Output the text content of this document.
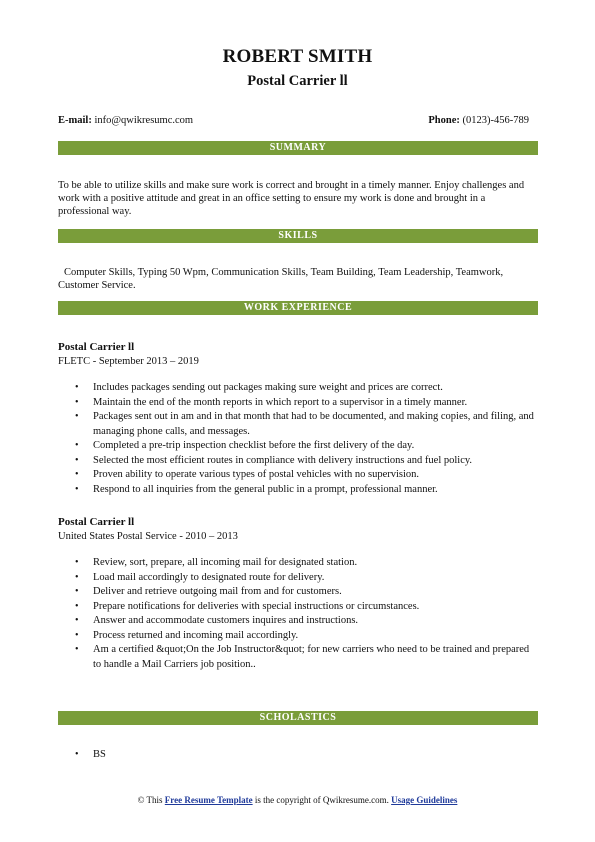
ROBERT SMITH
Postal Carrier ll
E-mail: info@qwikresumc.com	Phone: (0123)-456-789
SUMMARY
To be able to utilize skills and make sure work is correct and brought in a timely manner. Enjoy challenges and work with a positive attitude and great in an office setting to ensure my work is done and brought in a professional way.
SKILLS
Computer Skills, Typing 50 Wpm, Communication Skills, Team Building, Team Leadership, Teamwork, Customer Service.
WORK EXPERIENCE
Postal Carrier ll
FLETC - September 2013 – 2019
• Includes packages sending out packages making sure weight and prices are correct.
• Maintain the end of the month reports in which report to a supervisor in a timely manner.
• Packages sent out in am and in that month that had to be documented, and making copies, and filing, and managing phone calls, and messages.
• Completed a pre-trip inspection checklist before the first delivery of the day.
• Selected the most efficient routes in compliance with delivery instructions and fuel policy.
• Proven ability to operate various types of postal vehicles with no supervision.
• Respond to all inquiries from the general public in a prompt, professional manner.
Postal Carrier ll
United States Postal Service - 2010 – 2013
• Review, sort, prepare, all incoming mail for designated station.
• Load mail accordingly to designated route for delivery.
• Deliver and retrieve outgoing mail from and for customers.
• Prepare notifications for deliveries with special instructions or circumstances.
• Answer and accommodate customers inquires and instructions.
• Process returned and incoming mail accordingly.
• Am a certified &quot;On the Job Instructor&quot; for new carriers who need to be trained and prepared to handle a Mail Carriers job position..
SCHOLASTICS
• BS
© This Free Resume Template is the copyright of Qwikresume.com. Usage Guidelines
